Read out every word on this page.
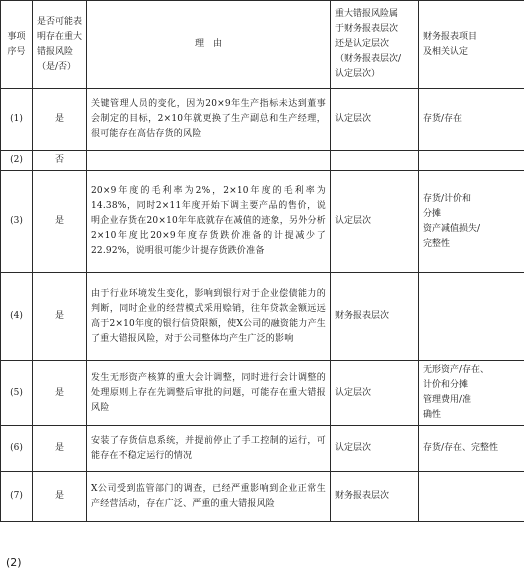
事项
序号	是否可能表
明存在重大
错报风险
（是/否）	理　由	重大错报风险属
于财务报表层次
还是认定层次
（财务报表层次/
认定层次）	财务报表项目
及相关认定

(1)	是	关键管理人员的变化，因为20×9年生产指标未达到董事会制定的目标，2×10年就更换了生产副总和生产经理，很可能存在高估存货的风险	认定层次	存货/存在

(2)	否			

(3)	是	20×9年度的毛利率为2%，2×10年度的毛利率为14.38%，同时2×11年度开始下调主要产品的售价，说明企业存货在20×10年年底就存在减值的迹象，另外分析2×10年度比20×9年度存货跌价准备的计提减少了22.92%，说明很可能少计提存货跌价准备	认定层次	存货/计价和
分摊
资产减值损失/
完整性

(4)	是	由于行业环境发生变化，影响到银行对于企业偿债能力的判断，同时企业的经营模式采用赊销，往年贷款金额远远高于2×10年度的银行信贷限额，使X公司的融资能力产生了重大错报风险，对于公司整体均产生广泛的影响	财务报表层次	

(5)	是	发生无形资产核算的重大会计调整，同时进行会计调整的处理原则上存在先调整后审批的问题，可能存在重大错报风险	认定层次	无形资产/存在、
计价和分摊
管理费用/准
确性

(6)	是	安装了存货信息系统，并提前停止了手工控制的运行，可能存在不稳定运行的情况	认定层次	存货/存在、完整性

(7)	是	X公司受到监管部门的调查，已经严重影响到企业正常生产经营活动，存在广泛、严重的重大错报风险	财务报表层次	
(2)
